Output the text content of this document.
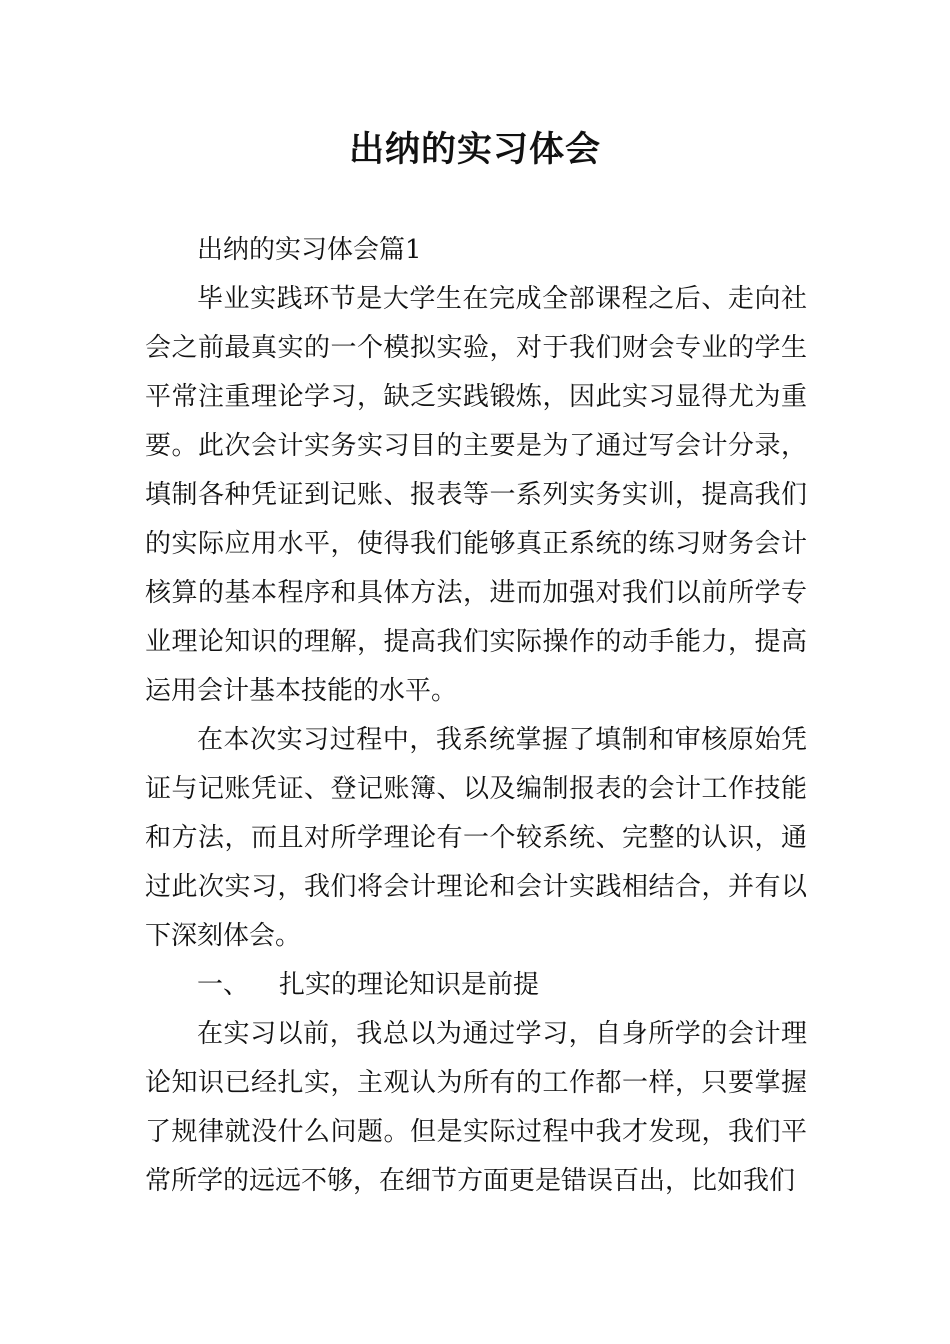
出纳的实习体会

出纳的实习体会篇1

毕业实践环节是大学生在完成全部课程之后、走向社会之前最真实的一个模拟实验，对于我们财会专业的学生平常注重理论学习，缺乏实践锻炼，因此实习显得尤为重要。此次会计实务实习目的主要是为了通过写会计分录，填制各种凭证到记账、报表等一系列实务实训，提高我们的实际应用水平，使得我们能够真正系统的练习财务会计核算的基本程序和具体方法，进而加强对我们以前所学专业理论知识的理解，提高我们实际操作的动手能力，提高运用会计基本技能的水平。

在本次实习过程中，我系统掌握了填制和审核原始凭证与记账凭证、登记账簿、以及编制报表的会计工作技能和方法，而且对所学理论有一个较系统、完整的认识，通过此次实习，我们将会计理论和会计实践相结合，并有以下深刻体会。

一、 扎实的理论知识是前提

在实习以前，我总以为通过学习，自身所学的会计理论知识已经扎实，主观认为所有的工作都一样，只要掌握了规律就没什么问题。但是实际过程中我才发现，我们平常所学的远远不够，在细节方面更是错误百出，比如我们
